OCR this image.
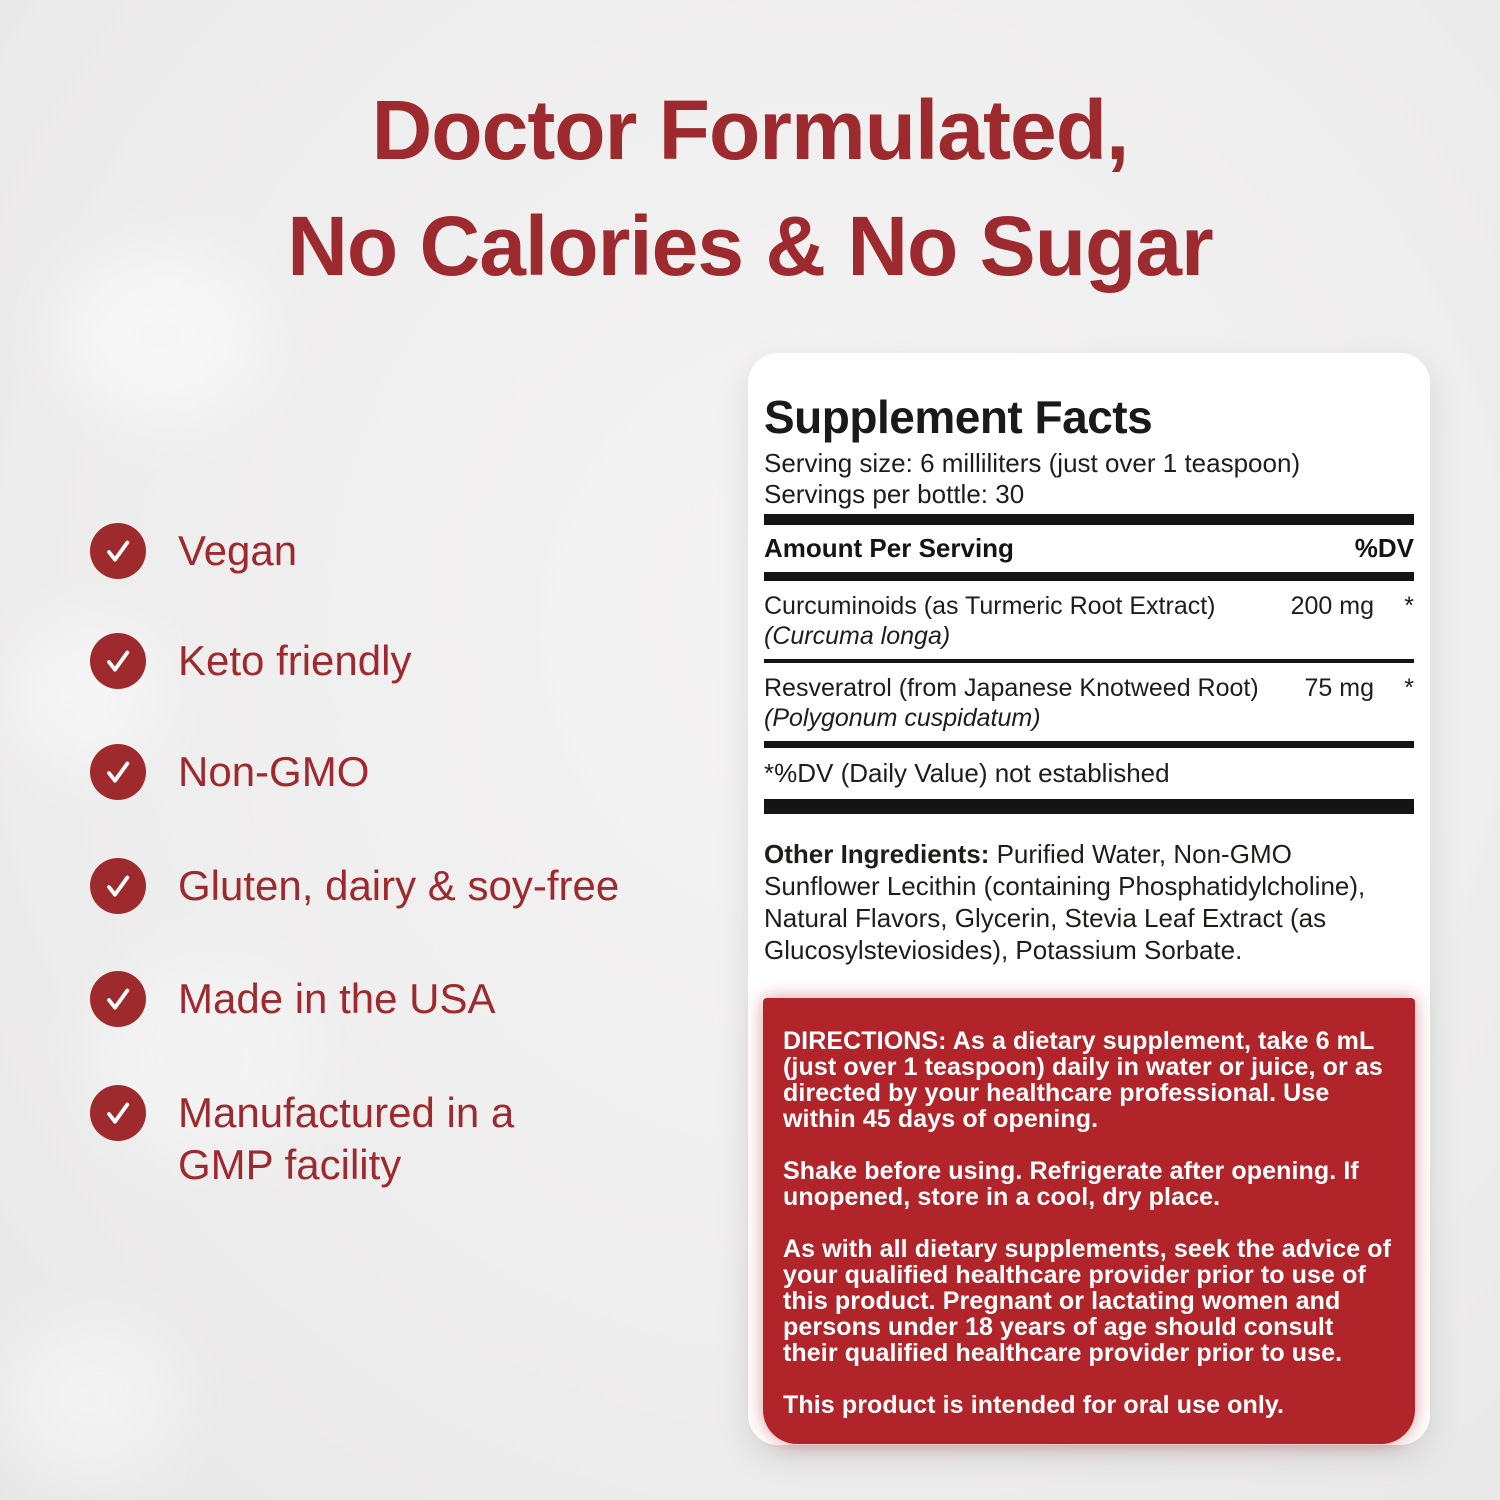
Doctor Formulated,
No Calories & No Sugar
Vegan
Keto friendly
Non-GMO
Gluten, dairy & soy-free
Made in the USA
Manufactured in a GMP facility
Supplement Facts
Serving size: 6 milliliters (just over 1 teaspoon)
Servings per bottle: 30
Amount Per Serving	%DV
Curcuminoids (as Turmeric Root Extract)
(Curcuma longa)
200 mg	*
Resveratrol (from Japanese Knotweed Root)
(Polygonum cuspidatum)
75 mg	*
*%DV (Daily Value) not established

Other Ingredients: Purified Water, Non-GMO Sunflower Lecithin (containing Phosphatidylcholine), Natural Flavors, Glycerin, Stevia Leaf Extract (as Glucosylsteviosides), Potassium Sorbate.

DIRECTIONS: As a dietary supplement, take 6 mL (just over 1 teaspoon) daily in water or juice, or as directed by your healthcare professional. Use within 45 days of opening.

Shake before using. Refrigerate after opening. If unopened, store in a cool, dry place.

As with all dietary supplements, seek the advice of your qualified healthcare provider prior to use of this product. Pregnant or lactating women and persons under 18 years of age should consult their qualified healthcare provider prior to use.

This product is intended for oral use only.
